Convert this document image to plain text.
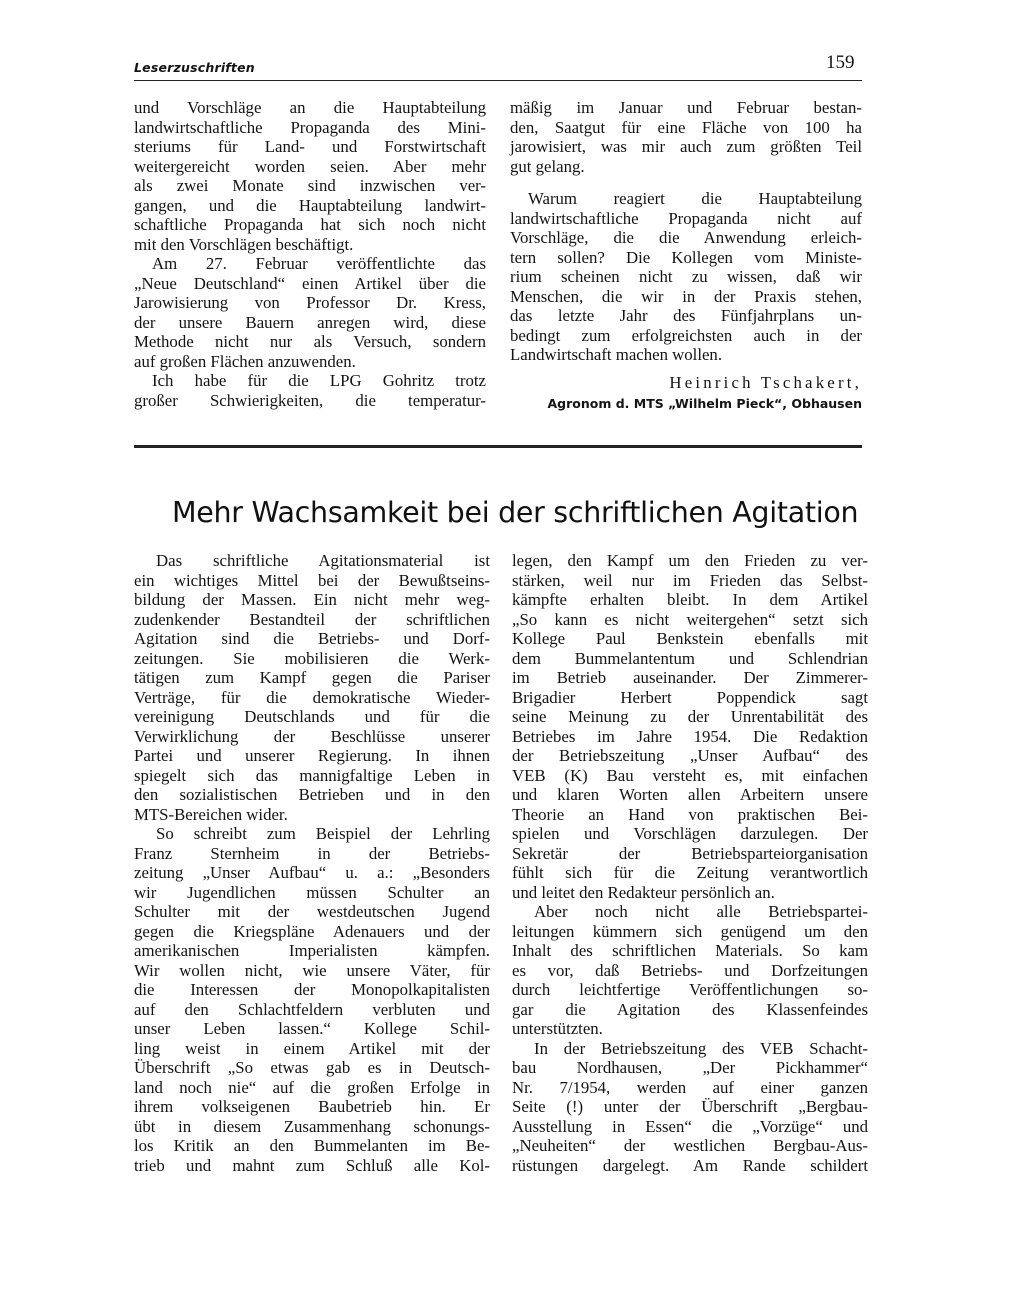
Leserzuschriften	159
und Vorschläge an die Hauptabteilung
landwirtschaftliche Propaganda des Mini-
steriums für Land- und Forstwirtschaft
weitergereicht worden seien. Aber mehr
als zwei Monate sind inzwischen ver-
gangen, und die Hauptabteilung landwirt-
schaftliche Propaganda hat sich noch nicht
mit den Vorschlägen beschäftigt.
Am 27. Februar veröffentlichte das
„Neue Deutschland“ einen Artikel über die
Jarowisierung von Professor Dr. Kress,
der unsere Bauern anregen wird, diese
Methode nicht nur als Versuch, sondern
auf großen Flächen anzuwenden.
Ich habe für die LPG Gohritz trotz
großer Schwierigkeiten, die temperatur-
mäßig im Januar und Februar bestan-
den, Saatgut für eine Fläche von 100 ha
jarowisiert, was mir auch zum größten Teil
gut gelang.
Warum reagiert die Hauptabteilung
landwirtschaftliche Propaganda nicht auf
Vorschläge, die die Anwendung erleich-
tern sollen? Die Kollegen vom Ministe-
rium scheinen nicht zu wissen, daß wir
Menschen, die wir in der Praxis stehen,
das letzte Jahr des Fünfjahrplans un-
bedingt zum erfolgreichsten auch in der
Landwirtschaft machen wollen.
Heinrich Tschakert,
Agronom d. MTS „Wilhelm Pieck“, Obhausen
Mehr Wachsamkeit bei der schriftlichen Agitation
Das schriftliche Agitationsmaterial ist
ein wichtiges Mittel bei der Bewußtseins-
bildung der Massen. Ein nicht mehr weg-
zudenkender Bestandteil der schriftlichen
Agitation sind die Betriebs- und Dorf-
zeitungen. Sie mobilisieren die Werk-
tätigen zum Kampf gegen die Pariser
Verträge, für die demokratische Wieder-
vereinigung Deutschlands und für die
Verwirklichung der Beschlüsse unserer
Partei und unserer Regierung. In ihnen
spiegelt sich das mannigfaltige Leben in
den sozialistischen Betrieben und in den
MTS-Bereichen wider.
So schreibt zum Beispiel der Lehrling
Franz Sternheim in der Betriebs-
zeitung „Unser Aufbau“ u. a.: „Besonders
wir Jugendlichen müssen Schulter an
Schulter mit der westdeutschen Jugend
gegen die Kriegspläne Adenauers und der
amerikanischen Imperialisten kämpfen.
Wir wollen nicht, wie unsere Väter, für
die Interessen der Monopolkapitalisten
auf den Schlachtfeldern verbluten und
unser Leben lassen.“ Kollege Schil-
ling weist in einem Artikel mit der
Überschrift „So etwas gab es in Deutsch-
land noch nie“ auf die großen Erfolge in
ihrem volkseigenen Baubetrieb hin. Er
übt in diesem Zusammenhang schonungs-
los Kritik an den Bummelanten im Be-
trieb und mahnt zum Schluß alle Kol-
legen, den Kampf um den Frieden zu ver-
stärken, weil nur im Frieden das Selbst-
kämpfte erhalten bleibt. In dem Artikel
„So kann es nicht weitergehen“ setzt sich
Kollege Paul Benkstein ebenfalls mit
dem Bummelantentum und Schlendrian
im Betrieb auseinander. Der Zimmerer-
Brigadier Herbert Poppendick sagt
seine Meinung zu der Unrentabilität des
Betriebes im Jahre 1954. Die Redaktion
der Betriebszeitung „Unser Aufbau“ des
VEB (K) Bau versteht es, mit einfachen
und klaren Worten allen Arbeitern unsere
Theorie an Hand von praktischen Bei-
spielen und Vorschlägen darzulegen. Der
Sekretär der Betriebsparteiorganisation
fühlt sich für die Zeitung verantwortlich
und leitet den Redakteur persönlich an.
Aber noch nicht alle Betriebspartei-
leitungen kümmern sich genügend um den
Inhalt des schriftlichen Materials. So kam
es vor, daß Betriebs- und Dorfzeitungen
durch leichtfertige Veröffentlichungen so-
gar die Agitation des Klassenfeindes
unterstützten.
In der Betriebszeitung des VEB Schacht-
bau Nordhausen, „Der Pickhammer“
Nr. 7/1954, werden auf einer ganzen
Seite (!) unter der Überschrift „Bergbau-
Ausstellung in Essen“ die „Vorzüge“ und
„Neuheiten“ der westlichen Bergbau-Aus-
rüstungen dargelegt. Am Rande schildert
